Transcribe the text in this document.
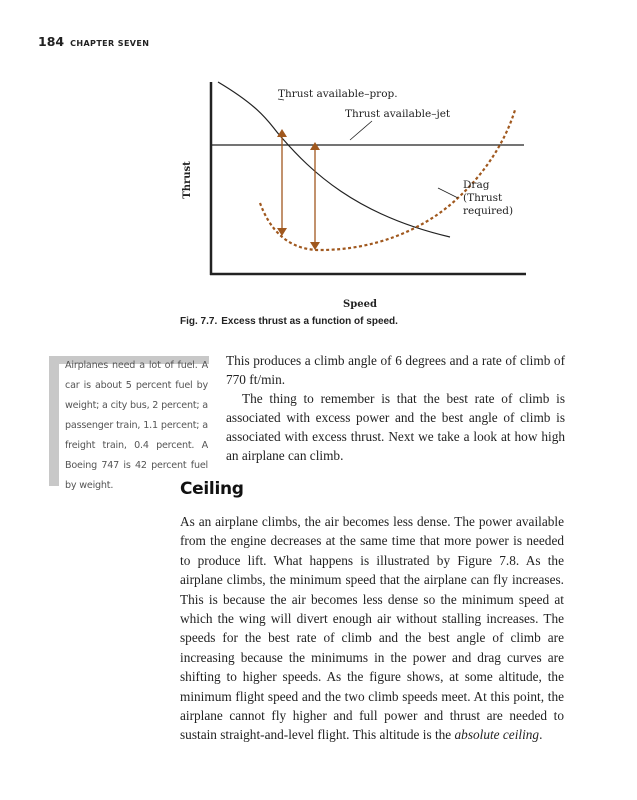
184 CHAPTER SEVEN
Thrust available–prop.
Thrust available–jet
Drag
(Thrust
required)
Thrust
Speed
Fig. 7.7. Excess thrust as a function of speed.
Airplanes need a lot of fuel. A car is about 5 percent fuel by weight; a city bus, 2 percent; a passenger train, 1.1 percent; a freight train, 0.4 percent. A Boeing 747 is 42 percent fuel by weight.

This produces a climb angle of 6 degrees and a rate of climb of 770 ft/min.

The thing to remember is that the best rate of climb is associated with excess power and the best angle of climb is associated with excess thrust. Next we take a look at how high an airplane can climb.

Ceiling

As an airplane climbs, the air becomes less dense. The power available from the engine decreases at the same time that more power is needed to produce lift. What happens is illustrated by Figure 7.8. As the airplane climbs, the minimum speed that the airplane can fly increases. This is because the air becomes less dense so the minimum speed at which the wing will divert enough air without stalling increases. The speeds for the best rate of climb and the best angle of climb are increasing because the minimums in the power and drag curves are shifting to higher speeds. As the figure shows, at some altitude, the minimum flight speed and the two climb speeds meet. At this point, the airplane cannot fly higher and full power and thrust are needed to sustain straight-and-level flight. This altitude is the absolute ceiling.
